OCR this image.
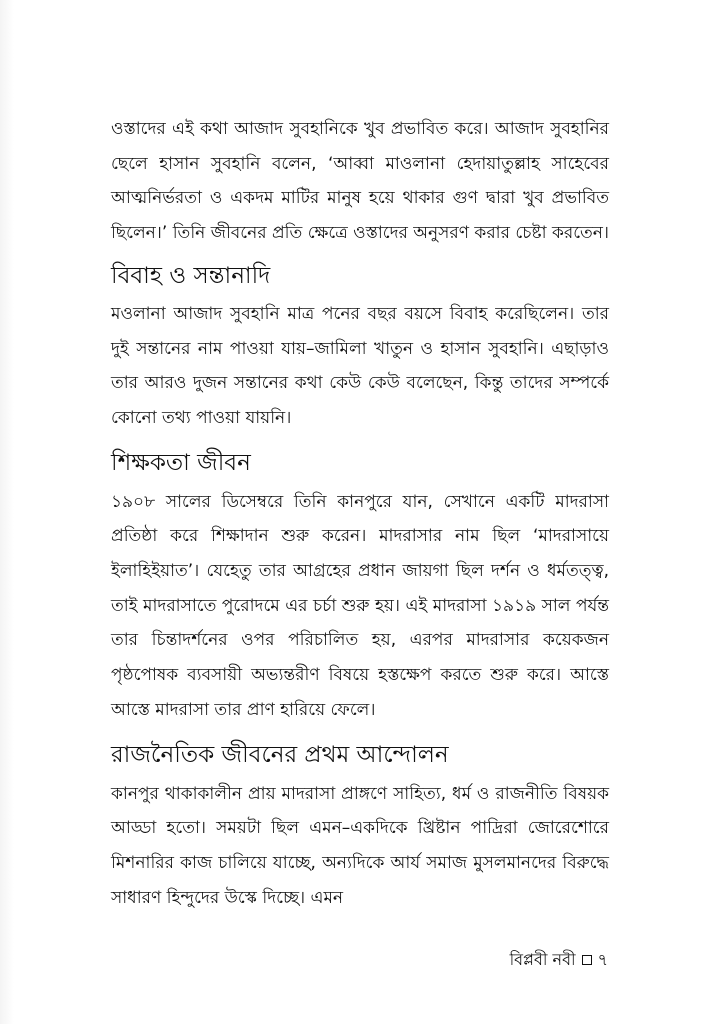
ওস্তাদের এই কথা আজাদ সুবহানিকে খুব প্রভাবিত করে। আজাদ সুবহানির ছেলে হাসান সুবহানি বলেন, ‘আব্বা মাওলানা হেদায়াতুল্লাহ সাহেবের আত্মনির্ভরতা ও একদম মাটির মানুষ হয়ে থাকার গুণ দ্বারা খুব প্রভাবিত ছিলেন।’ তিনি জীবনের প্রতি ক্ষেত্রে ওস্তাদের অনুসরণ করার চেষ্টা করতেন।

বিবাহ ও সন্তানাদি

মওলানা আজাদ সুবহানি মাত্র পনের বছর বয়সে বিবাহ করেছিলেন। তার দুই সন্তানের নাম পাওয়া যায়–জামিলা খাতুন ও হাসান সুবহানি। এছাড়াও তার আরও দুজন সন্তানের কথা কেউ কেউ বলেছেন, কিন্তু তাদের সম্পর্কে কোনো তথ্য পাওয়া যায়নি।

শিক্ষকতা জীবন

১৯০৮ সালের ডিসেম্বরে তিনি কানপুরে যান, সেখানে একটি মাদরাসা প্রতিষ্ঠা করে শিক্ষাদান শুরু করেন। মাদরাসার নাম ছিল ‘মাদরাসায়ে ইলাহিইয়াত’। যেহেতু তার আগ্রহের প্রধান জায়গা ছিল দর্শন ও ধর্মতত্ত্ব, তাই মাদরাসাতে পুরোদমে এর চর্চা শুরু হয়। এই মাদরাসা ১৯১৯ সাল পর্যন্ত তার চিন্তাদর্শনের ওপর পরিচালিত হয়, এরপর মাদরাসার কয়েকজন পৃষ্ঠপোষক ব্যবসায়ী অভ্যন্তরীণ বিষয়ে হস্তক্ষেপ করতে শুরু করে। আস্তে আস্তে মাদরাসা তার প্রাণ হারিয়ে ফেলে।

রাজনৈতিক জীবনের প্রথম আন্দোলন

কানপুর থাকাকালীন প্রায় মাদরাসা প্রাঙ্গণে সাহিত্য, ধর্ম ও রাজনীতি বিষয়ক আড্ডা হতো। সময়টা ছিল এমন–একদিকে খ্রিষ্টান পাদ্রিরা জোরেশোরে মিশনারির কাজ চালিয়ে যাচ্ছে, অন্যদিকে আর্য সমাজ মুসলমানদের বিরুদ্ধে সাধারণ হিন্দুদের উস্কে দিচ্ছে। এমন

বিপ্লবী নবী ৭
